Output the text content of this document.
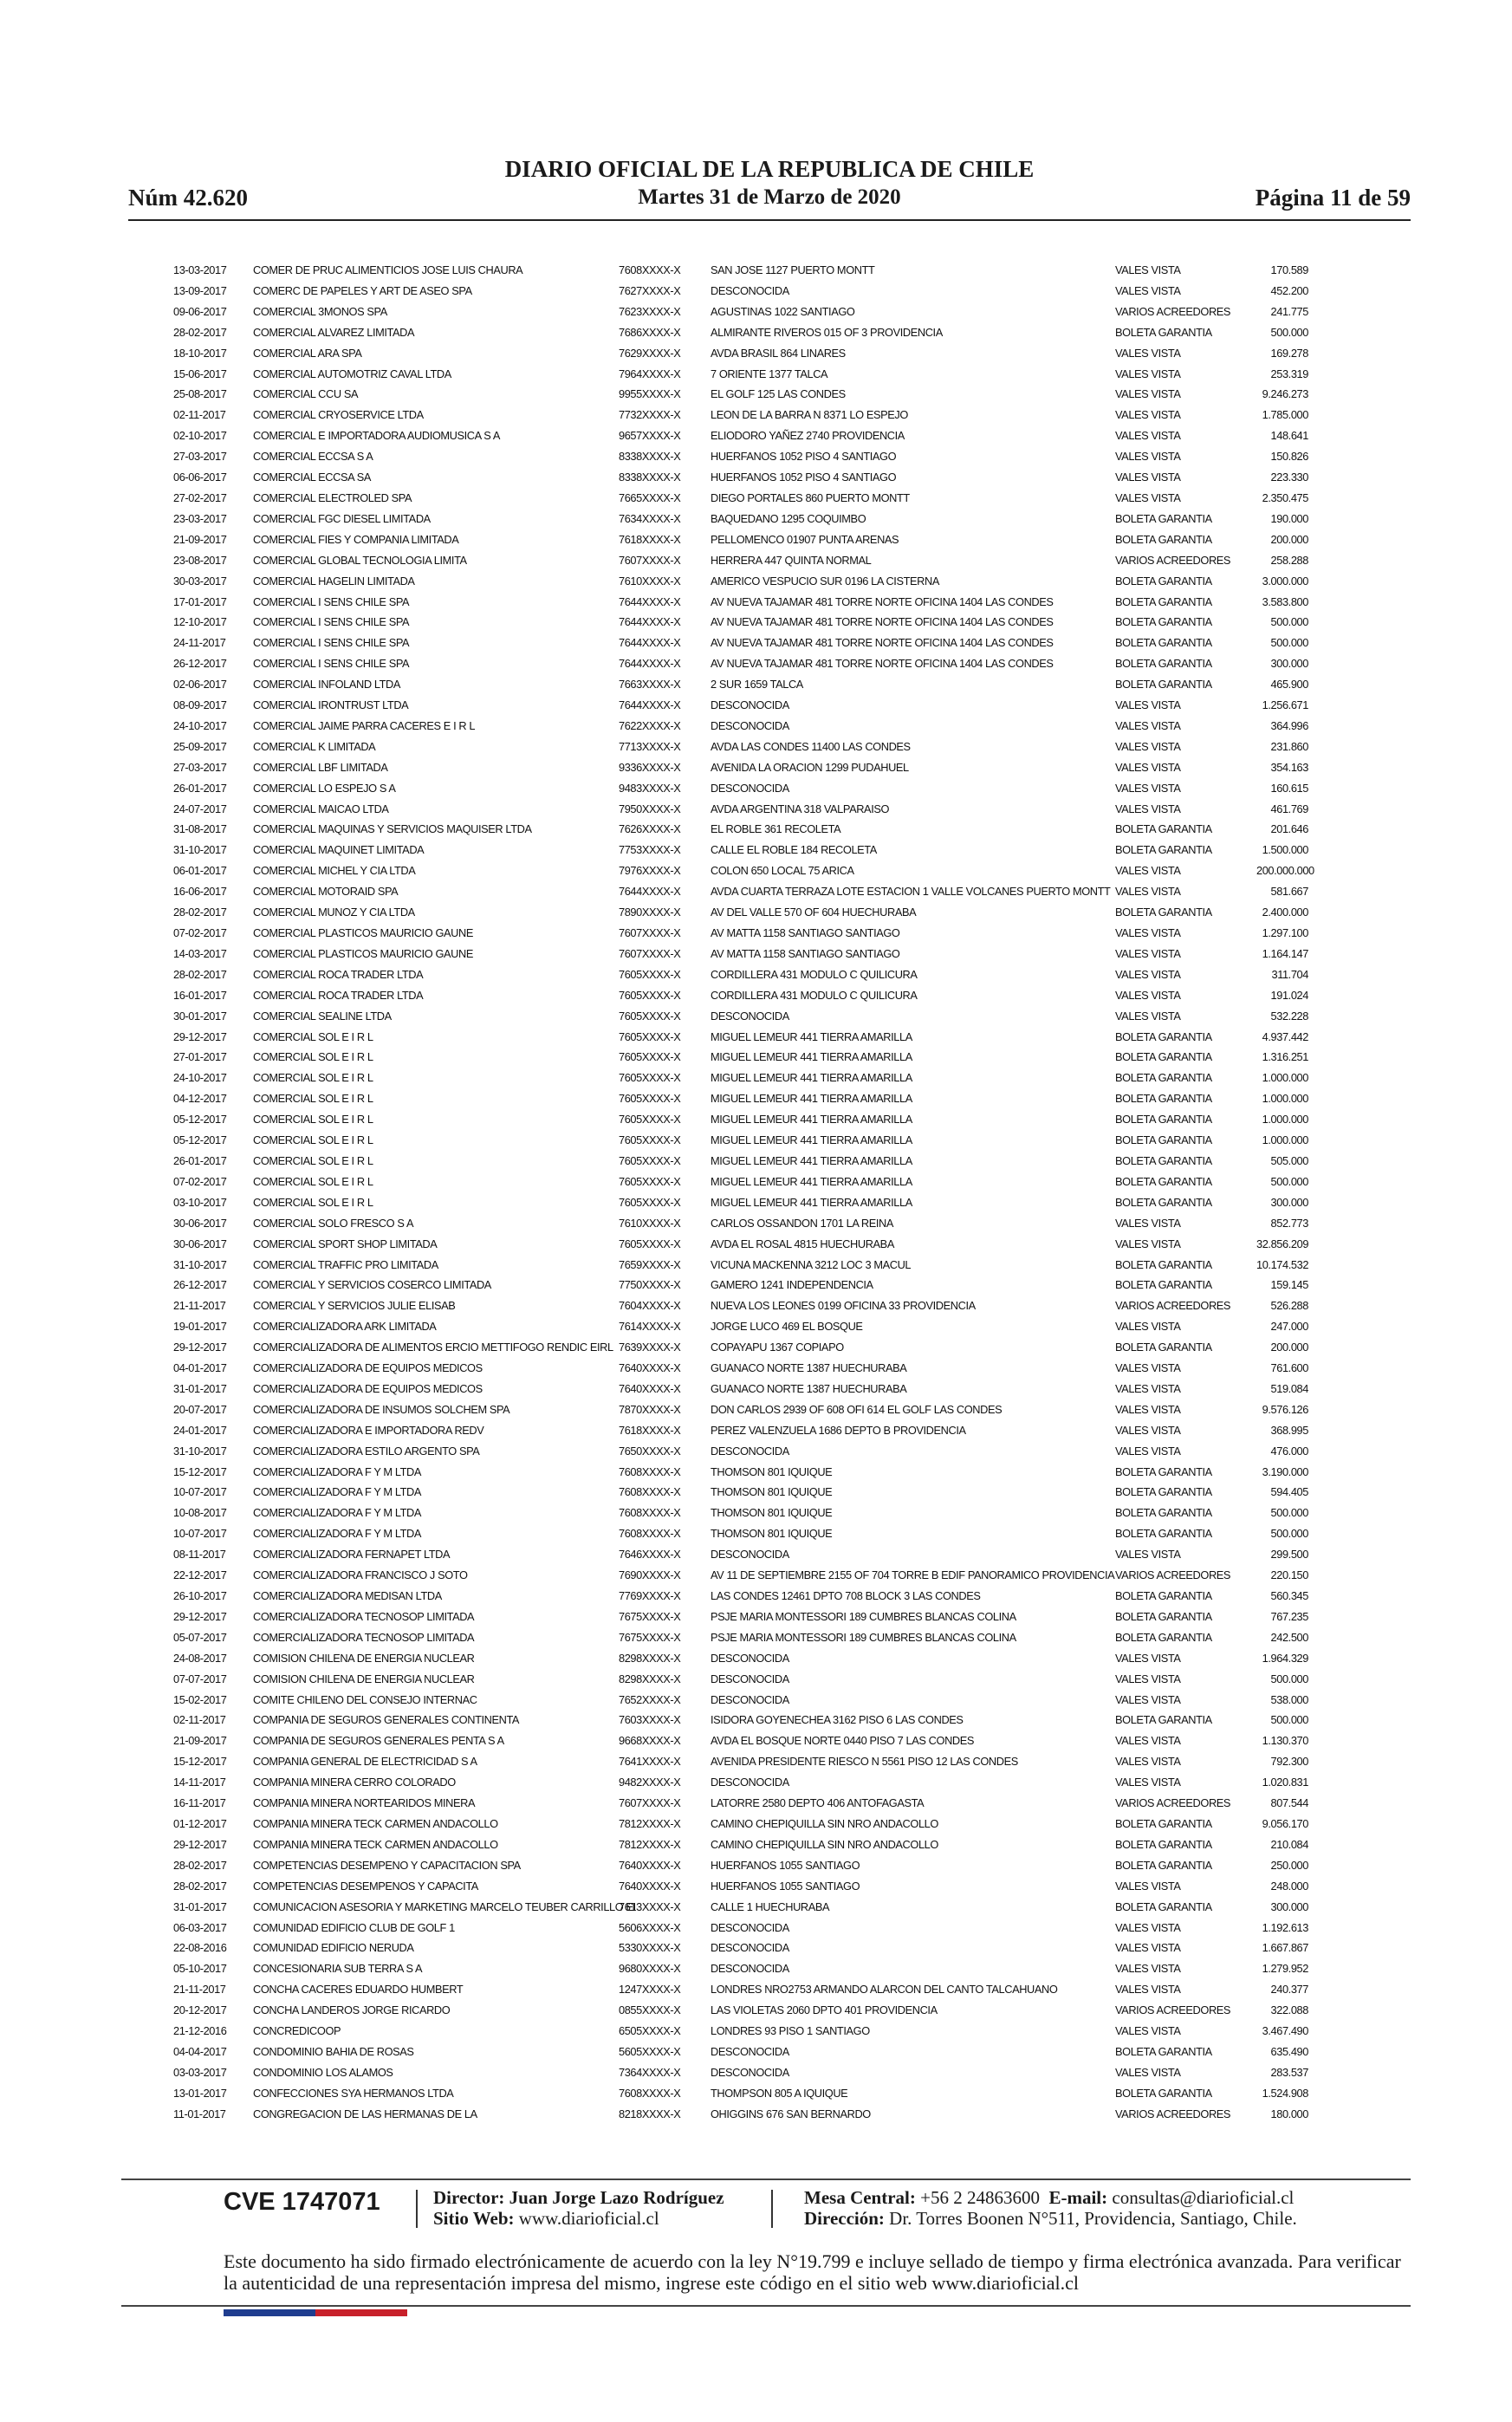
Núm 42.620
DIARIO OFICIAL DE LA REPUBLICA DE CHILE
Martes 31 de Marzo de 2020	Página 11 de 59
13-03-2017	COMER DE PRUC ALIMENTICIOS JOSE LUIS CHAURA	7608XXXX-X	SAN JOSE 1127 PUERTO MONTT	VALES VISTA	170.589
13-09-2017	COMERC DE PAPELES Y ART DE ASEO SPA	7627XXXX-X	DESCONOCIDA	VALES VISTA	452.200
09-06-2017	COMERCIAL 3MONOS SPA	7623XXXX-X	AGUSTINAS 1022 SANTIAGO	VARIOS ACREEDORES	241.775
28-02-2017	COMERCIAL ALVAREZ LIMITADA	7686XXXX-X	ALMIRANTE RIVEROS 015 OF 3 PROVIDENCIA	BOLETA GARANTIA	500.000
18-10-2017	COMERCIAL ARA SPA	7629XXXX-X	AVDA BRASIL 864 LINARES	VALES VISTA	169.278
15-06-2017	COMERCIAL AUTOMOTRIZ CAVAL LTDA	7964XXXX-X	7 ORIENTE 1377 TALCA	VALES VISTA	253.319
25-08-2017	COMERCIAL CCU SA	9955XXXX-X	EL GOLF 125 LAS CONDES	VALES VISTA	9.246.273
02-11-2017	COMERCIAL CRYOSERVICE LTDA	7732XXXX-X	LEON DE LA BARRA N 8371 LO ESPEJO	VALES VISTA	1.785.000
02-10-2017	COMERCIAL E IMPORTADORA AUDIOMUSICA S A	9657XXXX-X	ELIODORO YAÑEZ 2740 PROVIDENCIA	VALES VISTA	148.641
27-03-2017	COMERCIAL ECCSA S A	8338XXXX-X	HUERFANOS 1052 PISO 4 SANTIAGO	VALES VISTA	150.826
06-06-2017	COMERCIAL ECCSA SA	8338XXXX-X	HUERFANOS 1052 PISO 4 SANTIAGO	VALES VISTA	223.330
27-02-2017	COMERCIAL ELECTROLED SPA	7665XXXX-X	DIEGO PORTALES 860 PUERTO MONTT	VALES VISTA	2.350.475
23-03-2017	COMERCIAL FGC DIESEL LIMITADA	7634XXXX-X	BAQUEDANO 1295 COQUIMBO	BOLETA GARANTIA	190.000
21-09-2017	COMERCIAL FIES Y COMPANIA LIMITADA	7618XXXX-X	PELLOMENCO 01907 PUNTA ARENAS	BOLETA GARANTIA	200.000
23-08-2017	COMERCIAL GLOBAL TECNOLOGIA LIMITA	7607XXXX-X	HERRERA 447 QUINTA NORMAL	VARIOS ACREEDORES	258.288
30-03-2017	COMERCIAL HAGELIN LIMITADA	7610XXXX-X	AMERICO VESPUCIO SUR 0196 LA CISTERNA	BOLETA GARANTIA	3.000.000
17-01-2017	COMERCIAL I SENS CHILE SPA	7644XXXX-X	AV NUEVA TAJAMAR 481 TORRE NORTE OFICINA 1404 LAS CONDES	BOLETA GARANTIA	3.583.800
12-10-2017	COMERCIAL I SENS CHILE SPA	7644XXXX-X	AV NUEVA TAJAMAR 481 TORRE NORTE OFICINA 1404 LAS CONDES	BOLETA GARANTIA	500.000
24-11-2017	COMERCIAL I SENS CHILE SPA	7644XXXX-X	AV NUEVA TAJAMAR 481 TORRE NORTE OFICINA 1404 LAS CONDES	BOLETA GARANTIA	500.000
26-12-2017	COMERCIAL I SENS CHILE SPA	7644XXXX-X	AV NUEVA TAJAMAR 481 TORRE NORTE OFICINA 1404 LAS CONDES	BOLETA GARANTIA	300.000
02-06-2017	COMERCIAL INFOLAND LTDA	7663XXXX-X	2 SUR 1659 TALCA	BOLETA GARANTIA	465.900
08-09-2017	COMERCIAL IRONTRUST LTDA	7644XXXX-X	DESCONOCIDA	VALES VISTA	1.256.671
24-10-2017	COMERCIAL JAIME PARRA CACERES E I R L	7622XXXX-X	DESCONOCIDA	VALES VISTA	364.996
25-09-2017	COMERCIAL K LIMITADA	7713XXXX-X	AVDA LAS CONDES 11400 LAS CONDES	VALES VISTA	231.860
27-03-2017	COMERCIAL LBF LIMITADA	9336XXXX-X	AVENIDA LA ORACION 1299 PUDAHUEL	VALES VISTA	354.163
26-01-2017	COMERCIAL LO ESPEJO S A	9483XXXX-X	DESCONOCIDA	VALES VISTA	160.615
24-07-2017	COMERCIAL MAICAO LTDA	7950XXXX-X	AVDA ARGENTINA 318 VALPARAISO	VALES VISTA	461.769
31-08-2017	COMERCIAL MAQUINAS Y SERVICIOS MAQUISER LTDA	7626XXXX-X	EL ROBLE 361 RECOLETA	BOLETA GARANTIA	201.646
31-10-2017	COMERCIAL MAQUINET LIMITADA	7753XXXX-X	CALLE EL ROBLE 184 RECOLETA	BOLETA GARANTIA	1.500.000
06-01-2017	COMERCIAL MICHEL Y CIA LTDA	7976XXXX-X	COLON 650 LOCAL 75 ARICA	VALES VISTA	200.000.000
16-06-2017	COMERCIAL MOTORAID SPA	7644XXXX-X	AVDA CUARTA TERRAZA LOTE ESTACION 1 VALLE VOLCANES PUERTO MONTT	VALES VISTA	581.667
28-02-2017	COMERCIAL MUNOZ Y CIA LTDA	7890XXXX-X	AV DEL VALLE 570 OF 604 HUECHURABA	BOLETA GARANTIA	2.400.000
07-02-2017	COMERCIAL PLASTICOS MAURICIO GAUNE	7607XXXX-X	AV MATTA 1158 SANTIAGO SANTIAGO	VALES VISTA	1.297.100
14-03-2017	COMERCIAL PLASTICOS MAURICIO GAUNE	7607XXXX-X	AV MATTA 1158 SANTIAGO SANTIAGO	VALES VISTA	1.164.147
28-02-2017	COMERCIAL ROCA TRADER LTDA	7605XXXX-X	CORDILLERA 431 MODULO C QUILICURA	VALES VISTA	311.704
16-01-2017	COMERCIAL ROCA TRADER LTDA	7605XXXX-X	CORDILLERA 431 MODULO C QUILICURA	VALES VISTA	191.024
30-01-2017	COMERCIAL SEALINE LTDA	7605XXXX-X	DESCONOCIDA	VALES VISTA	532.228
29-12-2017	COMERCIAL SOL E I R L	7605XXXX-X	MIGUEL LEMEUR 441 TIERRA AMARILLA	BOLETA GARANTIA	4.937.442
27-01-2017	COMERCIAL SOL E I R L	7605XXXX-X	MIGUEL LEMEUR 441 TIERRA AMARILLA	BOLETA GARANTIA	1.316.251
24-10-2017	COMERCIAL SOL E I R L	7605XXXX-X	MIGUEL LEMEUR 441 TIERRA AMARILLA	BOLETA GARANTIA	1.000.000
04-12-2017	COMERCIAL SOL E I R L	7605XXXX-X	MIGUEL LEMEUR 441 TIERRA AMARILLA	BOLETA GARANTIA	1.000.000
05-12-2017	COMERCIAL SOL E I R L	7605XXXX-X	MIGUEL LEMEUR 441 TIERRA AMARILLA	BOLETA GARANTIA	1.000.000
05-12-2017	COMERCIAL SOL E I R L	7605XXXX-X	MIGUEL LEMEUR 441 TIERRA AMARILLA	BOLETA GARANTIA	1.000.000
26-01-2017	COMERCIAL SOL E I R L	7605XXXX-X	MIGUEL LEMEUR 441 TIERRA AMARILLA	BOLETA GARANTIA	505.000
07-02-2017	COMERCIAL SOL E I R L	7605XXXX-X	MIGUEL LEMEUR 441 TIERRA AMARILLA	BOLETA GARANTIA	500.000
03-10-2017	COMERCIAL SOL E I R L	7605XXXX-X	MIGUEL LEMEUR 441 TIERRA AMARILLA	BOLETA GARANTIA	300.000
30-06-2017	COMERCIAL SOLO FRESCO S A	7610XXXX-X	CARLOS OSSANDON 1701 LA REINA	VALES VISTA	852.773
30-06-2017	COMERCIAL SPORT SHOP LIMITADA	7605XXXX-X	AVDA EL ROSAL 4815 HUECHURABA	VALES VISTA	32.856.209
31-10-2017	COMERCIAL TRAFFIC PRO LIMITADA	7659XXXX-X	VICUNA MACKENNA 3212 LOC 3 MACUL	BOLETA GARANTIA	10.174.532
26-12-2017	COMERCIAL Y SERVICIOS COSERCO LIMITADA	7750XXXX-X	GAMERO 1241 INDEPENDENCIA	BOLETA GARANTIA	159.145
21-11-2017	COMERCIAL Y SERVICIOS JULIE ELISAB	7604XXXX-X	NUEVA LOS LEONES 0199 OFICINA 33 PROVIDENCIA	VARIOS ACREEDORES	526.288
19-01-2017	COMERCIALIZADORA ARK LIMITADA	7614XXXX-X	JORGE LUCO 469 EL BOSQUE	VALES VISTA	247.000
29-12-2017	COMERCIALIZADORA DE ALIMENTOS ERCIO METTIFOGO RENDIC EIRL	7639XXXX-X	COPAYAPU 1367 COPIAPO	BOLETA GARANTIA	200.000
04-01-2017	COMERCIALIZADORA DE EQUIPOS MEDICOS	7640XXXX-X	GUANACO NORTE 1387 HUECHURABA	VALES VISTA	761.600
31-01-2017	COMERCIALIZADORA DE EQUIPOS MEDICOS	7640XXXX-X	GUANACO NORTE 1387 HUECHURABA	VALES VISTA	519.084
20-07-2017	COMERCIALIZADORA DE INSUMOS SOLCHEM SPA	7870XXXX-X	DON CARLOS 2939 OF 608 OFI 614 EL GOLF LAS CONDES	VALES VISTA	9.576.126
24-01-2017	COMERCIALIZADORA E IMPORTADORA REDV	7618XXXX-X	PEREZ VALENZUELA 1686 DEPTO B PROVIDENCIA	VALES VISTA	368.995
31-10-2017	COMERCIALIZADORA ESTILO ARGENTO SPA	7650XXXX-X	DESCONOCIDA	VALES VISTA	476.000
15-12-2017	COMERCIALIZADORA F Y M LTDA	7608XXXX-X	THOMSON 801 IQUIQUE	BOLETA GARANTIA	3.190.000
10-07-2017	COMERCIALIZADORA F Y M LTDA	7608XXXX-X	THOMSON 801 IQUIQUE	BOLETA GARANTIA	594.405
10-08-2017	COMERCIALIZADORA F Y M LTDA	7608XXXX-X	THOMSON 801 IQUIQUE	BOLETA GARANTIA	500.000
10-07-2017	COMERCIALIZADORA F Y M LTDA	7608XXXX-X	THOMSON 801 IQUIQUE	BOLETA GARANTIA	500.000
08-11-2017	COMERCIALIZADORA FERNAPET LTDA	7646XXXX-X	DESCONOCIDA	VALES VISTA	299.500
22-12-2017	COMERCIALIZADORA FRANCISCO J SOTO	7690XXXX-X	AV 11 DE SEPTIEMBRE 2155 OF 704 TORRE B EDIF PANORAMICO PROVIDENCIA	VARIOS ACREEDORES	220.150
26-10-2017	COMERCIALIZADORA MEDISAN LTDA	7769XXXX-X	LAS CONDES 12461 DPTO 708 BLOCK 3 LAS CONDES	BOLETA GARANTIA	560.345
29-12-2017	COMERCIALIZADORA TECNOSOP LIMITADA	7675XXXX-X	PSJE MARIA MONTESSORI 189 CUMBRES BLANCAS COLINA	BOLETA GARANTIA	767.235
05-07-2017	COMERCIALIZADORA TECNOSOP LIMITADA	7675XXXX-X	PSJE MARIA MONTESSORI 189 CUMBRES BLANCAS COLINA	BOLETA GARANTIA	242.500
24-08-2017	COMISION CHILENA DE ENERGIA NUCLEAR	8298XXXX-X	DESCONOCIDA	VALES VISTA	1.964.329
07-07-2017	COMISION CHILENA DE ENERGIA NUCLEAR	8298XXXX-X	DESCONOCIDA	VALES VISTA	500.000
15-02-2017	COMITE CHILENO DEL CONSEJO INTERNAC	7652XXXX-X	DESCONOCIDA	VALES VISTA	538.000
02-11-2017	COMPANIA DE SEGUROS GENERALES CONTINENTA	7603XXXX-X	ISIDORA GOYENECHEA 3162 PISO 6 LAS CONDES	BOLETA GARANTIA	500.000
21-09-2017	COMPANIA DE SEGUROS GENERALES PENTA S A	9668XXXX-X	AVDA EL BOSQUE NORTE 0440 PISO 7 LAS CONDES	VALES VISTA	1.130.370
15-12-2017	COMPANIA GENERAL DE ELECTRICIDAD S A	7641XXXX-X	AVENIDA PRESIDENTE RIESCO N 5561 PISO 12 LAS CONDES	VALES VISTA	792.300
14-11-2017	COMPANIA MINERA CERRO COLORADO	9482XXXX-X	DESCONOCIDA	VALES VISTA	1.020.831
16-11-2017	COMPANIA MINERA NORTEARIDOS MINERA	7607XXXX-X	LATORRE 2580 DEPTO 406 ANTOFAGASTA	VARIOS ACREEDORES	807.544
01-12-2017	COMPANIA MINERA TECK CARMEN ANDACOLLO	7812XXXX-X	CAMINO CHEPIQUILLA SIN NRO ANDACOLLO	BOLETA GARANTIA	9.056.170
29-12-2017	COMPANIA MINERA TECK CARMEN ANDACOLLO	7812XXXX-X	CAMINO CHEPIQUILLA SIN NRO ANDACOLLO	BOLETA GARANTIA	210.084
28-02-2017	COMPETENCIAS DESEMPENO Y CAPACITACION SPA	7640XXXX-X	HUERFANOS 1055 SANTIAGO	BOLETA GARANTIA	250.000
28-02-2017	COMPETENCIAS DESEMPENOS Y CAPACITA	7640XXXX-X	HUERFANOS 1055 SANTIAGO	VALES VISTA	248.000
31-01-2017	COMUNICACION ASESORIA Y MARKETING MARCELO TEUBER CARRILLO EI	7613XXXX-X	CALLE 1 HUECHURABA	BOLETA GARANTIA	300.000
06-03-2017	COMUNIDAD EDIFICIO CLUB DE GOLF 1	5606XXXX-X	DESCONOCIDA	VALES VISTA	1.192.613
22-08-2016	COMUNIDAD EDIFICIO NERUDA	5330XXXX-X	DESCONOCIDA	VALES VISTA	1.667.867
05-10-2017	CONCESIONARIA SUB TERRA S A	9680XXXX-X	DESCONOCIDA	VALES VISTA	1.279.952
21-11-2017	CONCHA CACERES EDUARDO HUMBERT	1247XXXX-X	LONDRES NRO2753 ARMANDO ALARCON DEL CANTO TALCAHUANO	VALES VISTA	240.377
20-12-2017	CONCHA LANDEROS JORGE RICARDO	0855XXXX-X	LAS VIOLETAS 2060 DPTO 401 PROVIDENCIA	VARIOS ACREEDORES	322.088
21-12-2016	CONCREDICOOP	6505XXXX-X	LONDRES 93 PISO 1 SANTIAGO	VALES VISTA	3.467.490
04-04-2017	CONDOMINIO BAHIA DE ROSAS	5605XXXX-X	DESCONOCIDA	BOLETA GARANTIA	635.490
03-03-2017	CONDOMINIO LOS ALAMOS	7364XXXX-X	DESCONOCIDA	VALES VISTA	283.537
13-01-2017	CONFECCIONES SYA HERMANOS LTDA	7608XXXX-X	THOMPSON 805 A IQUIQUE	BOLETA GARANTIA	1.524.908
11-01-2017	CONGREGACION DE LAS HERMANAS DE LA	8218XXXX-X	OHIGGINS 676 SAN BERNARDO	VARIOS ACREEDORES	180.000
CVE 1747071	Director: Juan Jorge Lazo Rodríguez
Sitio Web: www.diarioficial.cl
Mesa Central: +56 2 24863600 E-mail: consultas@diarioficial.cl
Dirección: Dr. Torres Boonen N°511, Providencia, Santiago, Chile.
Este documento ha sido firmado electrónicamente de acuerdo con la ley N°19.799 e incluye sellado de tiempo y firma electrónica avanzada. Para verificar la autenticidad de una representación impresa del mismo, ingrese este código en el sitio web www.diarioficial.cl
